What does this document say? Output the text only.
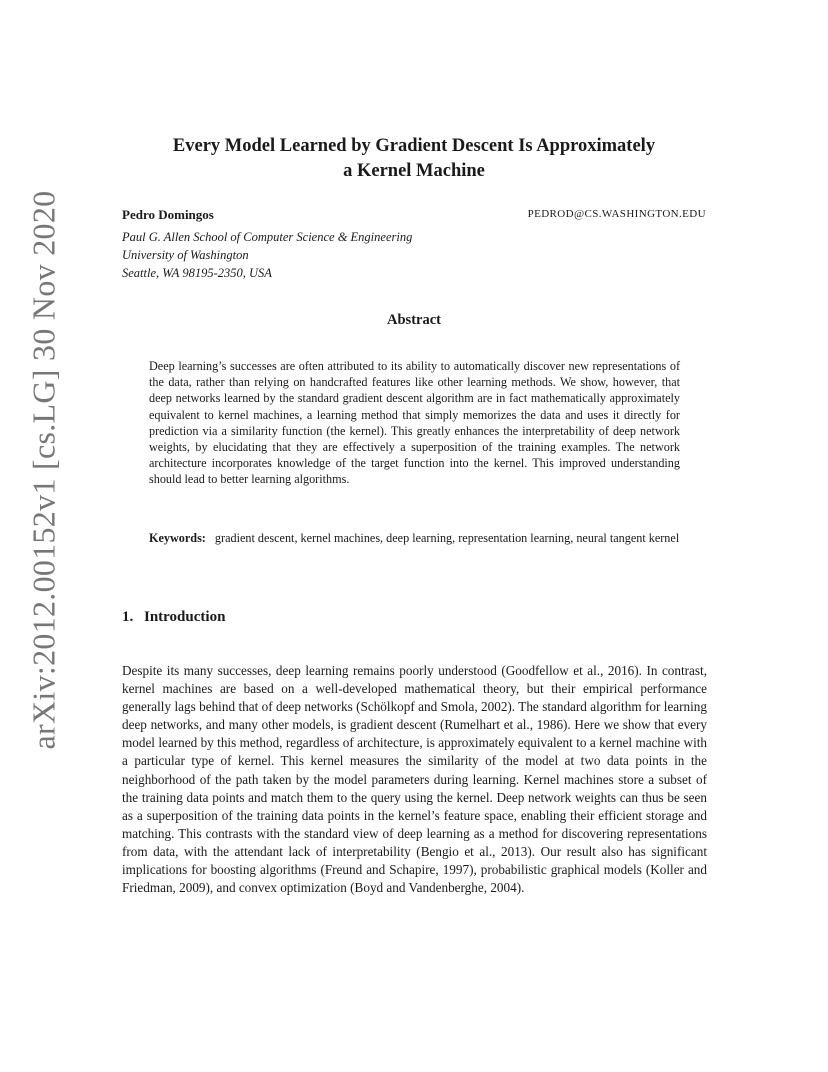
arXiv:2012.00152v1 [cs.LG] 30 Nov 2020
Every Model Learned by Gradient Descent Is Approximately
a Kernel Machine
Pedro Domingos	PEDROD@CS.WASHINGTON.EDU
Paul G. Allen School of Computer Science & Engineering
University of Washington
Seattle, WA 98195-2350, USA
Abstract
Deep learning’s successes are often attributed to its ability to automatically discover new representations of the data, rather than relying on handcrafted features like other learning methods. We show, however, that deep networks learned by the standard gradient descent algorithm are in fact mathematically approximately equivalent to kernel machines, a learning method that simply memorizes the data and uses it directly for prediction via a similarity function (the kernel). This greatly enhances the interpretability of deep network weights, by elucidating that they are effectively a superposition of the training examples. The network architecture incorporates knowledge of the target function into the kernel. This improved understanding should lead to better learning algorithms.
Keywords: gradient descent, kernel machines, deep learning, representation learning, neural tangent kernel
1. Introduction
Despite its many successes, deep learning remains poorly understood (Goodfellow et al., 2016). In contrast, kernel machines are based on a well-developed mathematical theory, but their empirical performance generally lags behind that of deep networks (Schölkopf and Smola, 2002). The standard algorithm for learning deep networks, and many other models, is gradient descent (Rumelhart et al., 1986). Here we show that every model learned by this method, regardless of architecture, is approximately equivalent to a kernel machine with a particular type of kernel. This kernel measures the similarity of the model at two data points in the neighborhood of the path taken by the model parameters during learning. Kernel machines store a subset of the training data points and match them to the query using the kernel. Deep network weights can thus be seen as a superposition of the training data points in the kernel’s feature space, enabling their efficient storage and matching. This contrasts with the standard view of deep learning as a method for discovering representations from data, with the attendant lack of interpretability (Bengio et al., 2013). Our result also has significant implications for boosting algorithms (Freund and Schapire, 1997), probabilistic graphical models (Koller and Friedman, 2009), and convex optimization (Boyd and Vandenberghe, 2004).
